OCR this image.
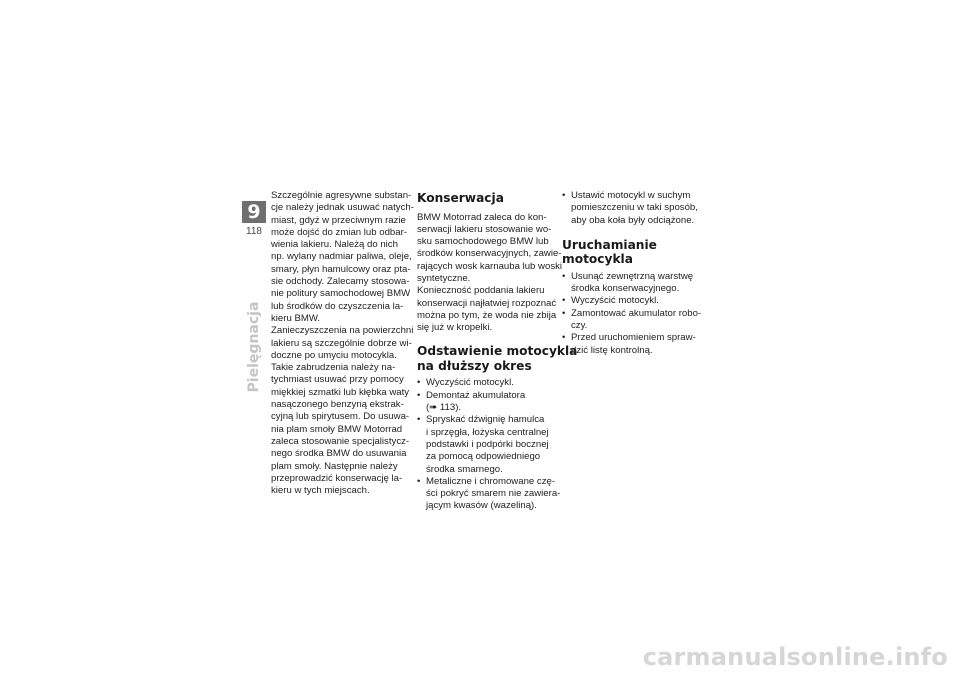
9
118
Pielęgnacja
Szczególnie agresywne substan-
cje należy jednak usuwać natych-
miast, gdyż w przeciwnym razie
może dojść do zmian lub odbar-
wienia lakieru. Należą do nich
np. wylany nadmiar paliwa, oleje,
smary, płyn hamulcowy oraz pta-
sie odchody. Zalecamy stosowa-
nie politury samochodowej BMW
lub środków do czyszczenia la-
kieru BMW.
Zanieczyszczenia na powierzchni
lakieru są szczególnie dobrze wi-
doczne po umyciu motocykla.
Takie zabrudzenia należy na-
tychmiast usuwać przy pomocy
miękkiej szmatki lub kłębka waty
nasączonego benzyną ekstrak-
cyjną lub spirytusem. Do usuwa-
nia plam smoły BMW Motorrad
zaleca stosowanie specjalistycz-
nego środka BMW do usuwania
plam smoły. Następnie należy
przeprowadzić konserwację la-
kieru w tych miejscach.
Konserwacja
BMW Motorrad zaleca do kon-
serwacji lakieru stosowanie wo-
sku samochodowego BMW lub
środków konserwacyjnych, zawie-
rających wosk karnauba lub woski
syntetyczne.
Konieczność poddania lakieru
konserwacji najłatwiej rozpoznać
można po tym, że woda nie zbija
się już w kropelki.
Odstawienie motocykla
na dłuższy okres
• Wyczyścić motocykl.
• Demontaż akumulatora
(➠ 113).
• Spryskać dźwignię hamulca
i sprzęgła, łożyska centralnej
podstawki i podpórki bocznej
za pomocą odpowiedniego
środka smarnego.
• Metaliczne i chromowane czę-
ści pokryć smarem nie zawiera-
jącym kwasów (wazeliną).
• Ustawić motocykl w suchym
pomieszczeniu w taki sposób,
aby oba koła były odciążone.
Uruchamianie
motocykla
• Usunąć zewnętrzną warstwę
środka konserwacyjnego.
• Wyczyścić motocykl.
• Zamontować akumulator robo-
czy.
• Przed uruchomieniem spraw-
dzić listę kontrolną.
carmanualsonline.info
